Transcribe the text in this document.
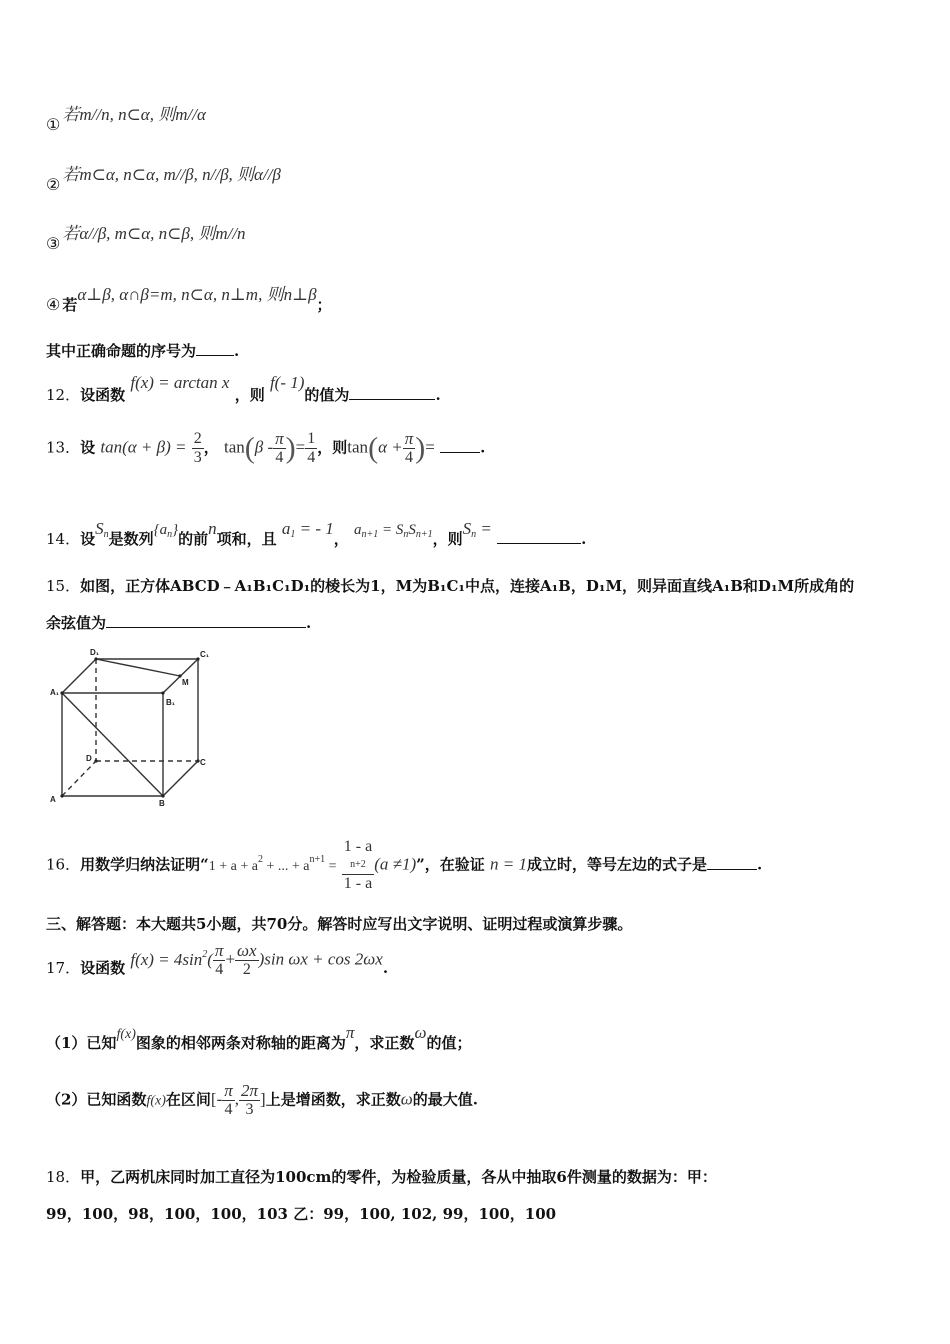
①若m//n, n⊂α, 则m//α
②若m⊂α, n⊂α, m//β, n//β, 则α//β
③若α//β, m⊂α, n⊂β, 则m//n
④ 若α⊥β, α∩β=m, n⊂α, n⊥m, 则n⊥β；
其中正确命题的序号为	.
12．设函数 f(x) = arctan x ，则 f(- 1)的值为	.
13．设 $\tan(\alpha + \beta) = \frac{2}{3}$ ， $\tan(\beta - \frac{\pi}{4}$ )= $\frac{1}{4}$ ，则$\tan(\alpha + \frac{\pi}{4}$ )=	.
14．设$S_n$是数列$\{a_n\}$的前n项和，且 $a_1$ = - 1， $a_{n+1} = S_nS_{n+1}$，则$S_n$ = .
15．如图，正方体ABCD﹣A₁B₁C₁D₁的棱长为1，M为B₁C₁中点，连接A₁B，D₁M，则异面直线A₁B和D₁M所成角的
余弦值为	.
D₁	C₁
A₁
M
B₁
D	C
A	B
16．用数学归纳法证明“$1 + a + a^2$ + ... + $a^{n+1} = 1 - a$
n+2
1 - a (a ≠1)”，在验证 n = 1成立时，等号左边的式子是	.
三、解答题：本大题共5小题，共70分。解答时应写出文字说明、证明过程或演算步骤。
17．设函数 $f(x) = 4\sin^2( \frac{\pi}{4} + \frac{\omega x}{2} )\sin$ ωx + cos 2ωx.
（1）已知f(x)图象的相邻两条对称轴的距离为π，求正数ω的值；
（2）已知函数f(x)在区间[- $\frac{\pi}{4}$ , $\frac{2\pi}{3}$ ]上是增函数，求正数ω的最大值.
18．甲，乙两机床同时加工直径为100cm的零件，为检验质量，各从中抽取6件测量的数据为：甲：
99，100，98，100，100，103 乙：99，100, 102, 99，100，100
